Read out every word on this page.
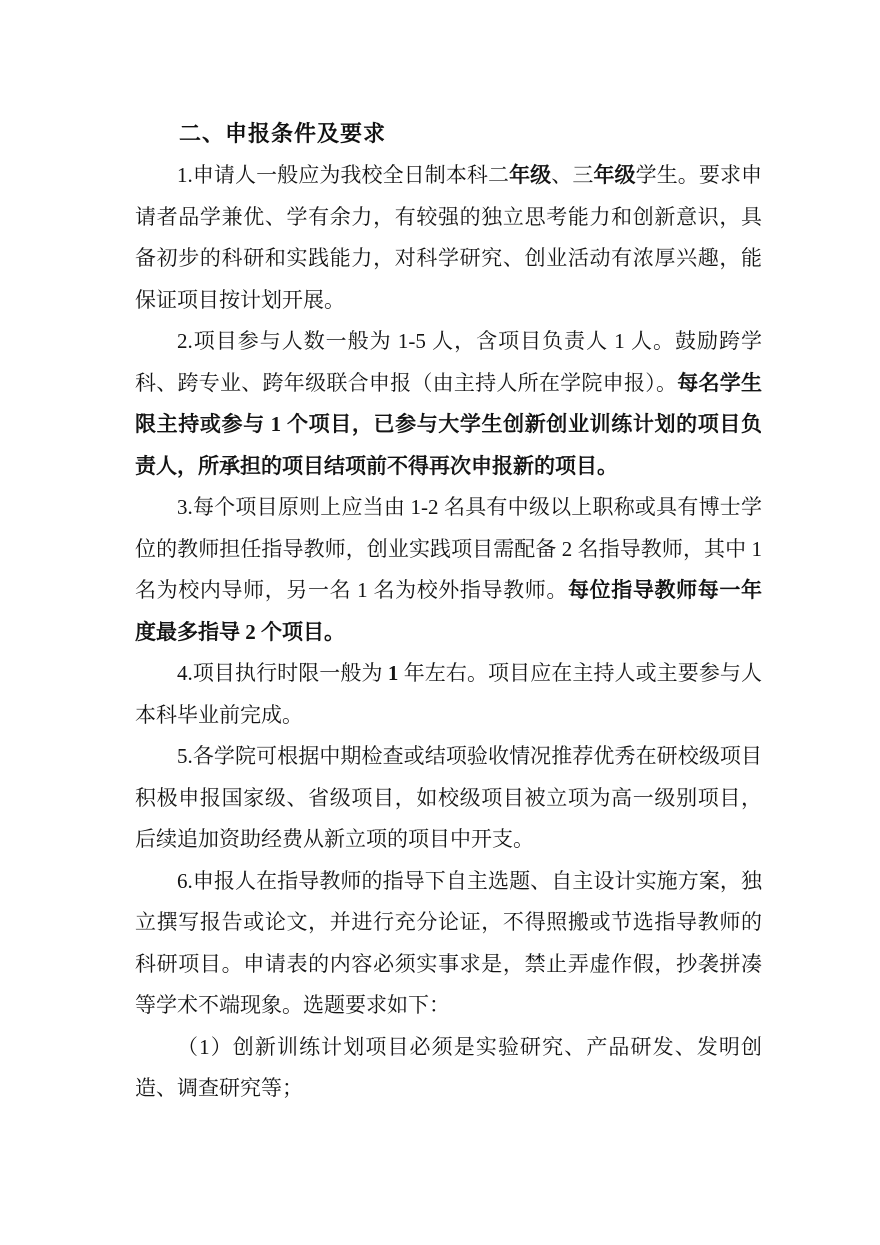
二、申报条件及要求

1.申请人一般应为我校全日制本科二年级、三年级学生。要求申请者品学兼优、学有余力，有较强的独立思考能力和创新意识，具备初步的科研和实践能力，对科学研究、创业活动有浓厚兴趣，能保证项目按计划开展。

2.项目参与人数一般为 1-5 人，含项目负责人 1 人。鼓励跨学科、跨专业、跨年级联合申报（由主持人所在学院申报）。每名学生限主持或参与 1 个项目，已参与大学生创新创业训练计划的项目负责人，所承担的项目结项前不得再次申报新的项目。

3.每个项目原则上应当由 1-2 名具有中级以上职称或具有博士学位的教师担任指导教师，创业实践项目需配备 2 名指导教师，其中 1 名为校内导师，另一名 1 名为校外指导教师。每位指导教师每一年度最多指导 2 个项目。

4.项目执行时限一般为 1 年左右。项目应在主持人或主要参与人本科毕业前完成。

5.各学院可根据中期检查或结项验收情况推荐优秀在研校级项目积极申报国家级、省级项目，如校级项目被立项为高一级别项目，后续追加资助经费从新立项的项目中开支。

6.申报人在指导教师的指导下自主选题、自主设计实施方案，独立撰写报告或论文，并进行充分论证，不得照搬或节选指导教师的科研项目。申请表的内容必须实事求是，禁止弄虚作假，抄袭拼凑等学术不端现象。选题要求如下：

（1）创新训练计划项目必须是实验研究、产品研发、发明创造、调查研究等；
